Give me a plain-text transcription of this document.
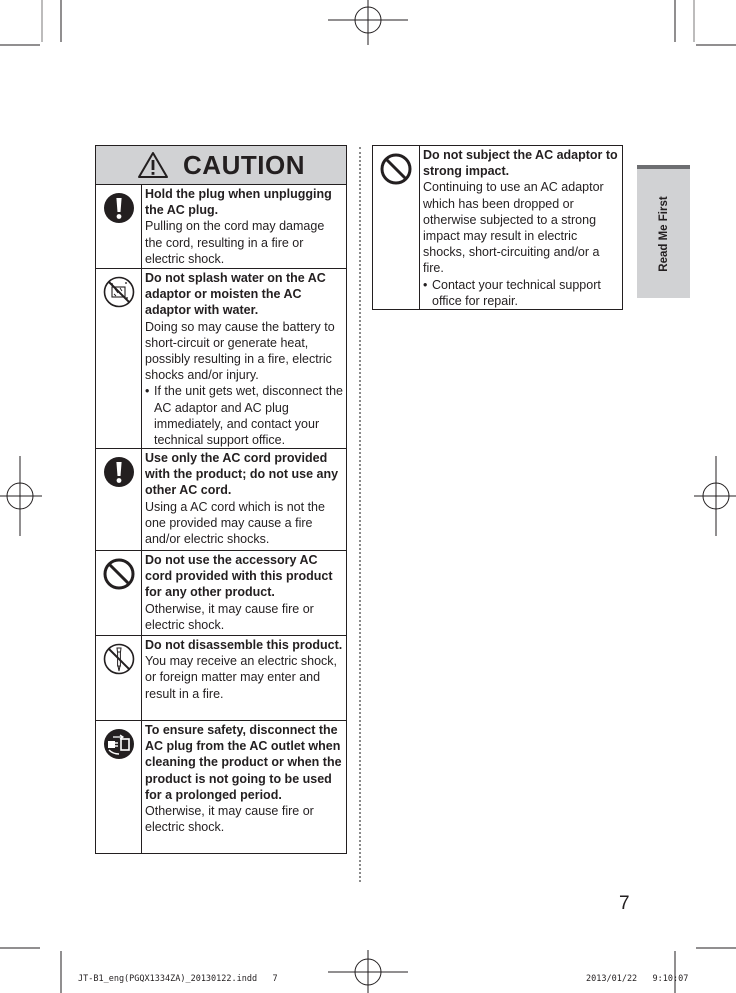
CAUTION
Hold the plug when unplugging the AC plug.
Pulling on the cord may damage the cord, resulting in a fire or electric shock.
Do not splash water on the AC adaptor or moisten the AC adaptor with water.
Doing so may cause the battery to short-circuit or generate heat, possibly resulting in a fire, electric shocks and/or injury.
• If the unit gets wet, disconnect the AC adaptor and AC plug immediately, and contact your technical support office.
Use only the AC cord provided with the product; do not use any other AC cord.
Using a AC cord which is not the one provided may cause a fire and/or electric shocks.
Do not use the accessory AC cord provided with this product for any other product.
Otherwise, it may cause fire or electric shock.
Do not disassemble this product.
You may receive an electric shock, or foreign matter may enter and result in a fire.
To ensure safety, disconnect the AC plug from the AC outlet when cleaning the product or when the product is not going to be used for a prolonged period.
Otherwise, it may cause fire or electric shock.
Do not subject the AC adaptor to strong impact.
Continuing to use an AC adaptor which has been dropped or otherwise subjected to a strong impact may result in electric shocks, short-circuiting and/or a fire.
• Contact your technical support office for repair.
Read Me First
7
JT-B1_eng(PGQX1334ZA)_20130122.indd   7	2013/01/22   9:10:07
